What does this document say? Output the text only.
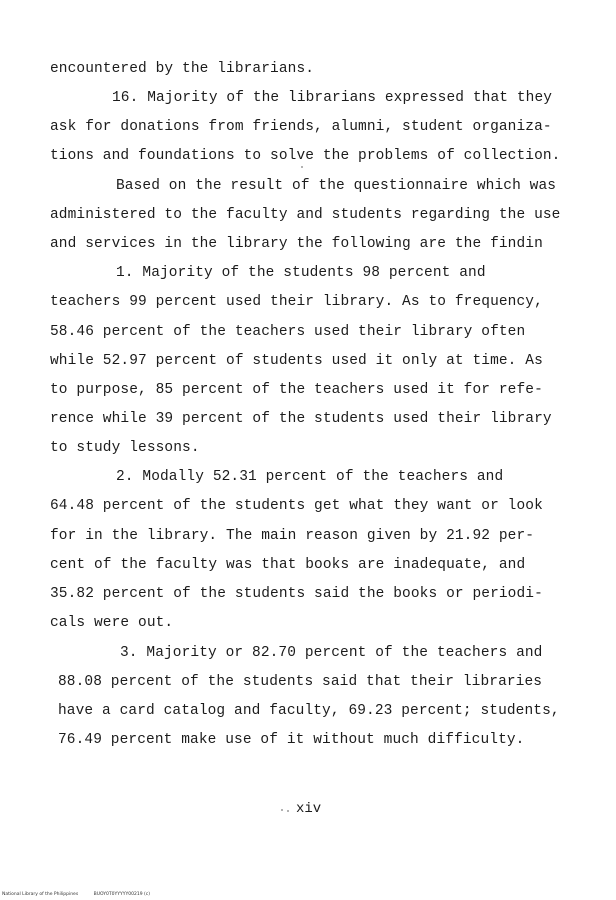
encountered by the librarians.
16. Majority of the librarians expressed that they
ask for donations from friends, alumni, student organiza-
tions and foundations to solve the problems of collection.
Based on the result of the questionnaire which was
administered to the faculty and students regarding the use
and services in the library the following are the findin
1. Majority of the students 98 percent and
teachers 99 percent used their library. As to frequency,
58.46 percent of the teachers used their library often
while 52.97 percent of students used it only at time. As
to purpose, 85 percent of the teachers used it for refe-
rence while 39 percent of the students used their library
to study lessons.
2. Modally 52.31 percent of the teachers and
64.48 percent of the students get what they want or look
for in the library. The main reason given by 21.92 per-
cent of the faculty was that books are inadequate, and
35.82 percent of the students said the books or periodi-
cals were out.
3. Majority or 82.70 percent of the teachers and
88.08 percent of the students said that their libraries
have a card catalog and faculty, 69.23 percent; students,
76.49 percent make use of it without much difficulty.
xiv
National Library of the Philippines	BUOY0T0YYYYY00219 (c)
